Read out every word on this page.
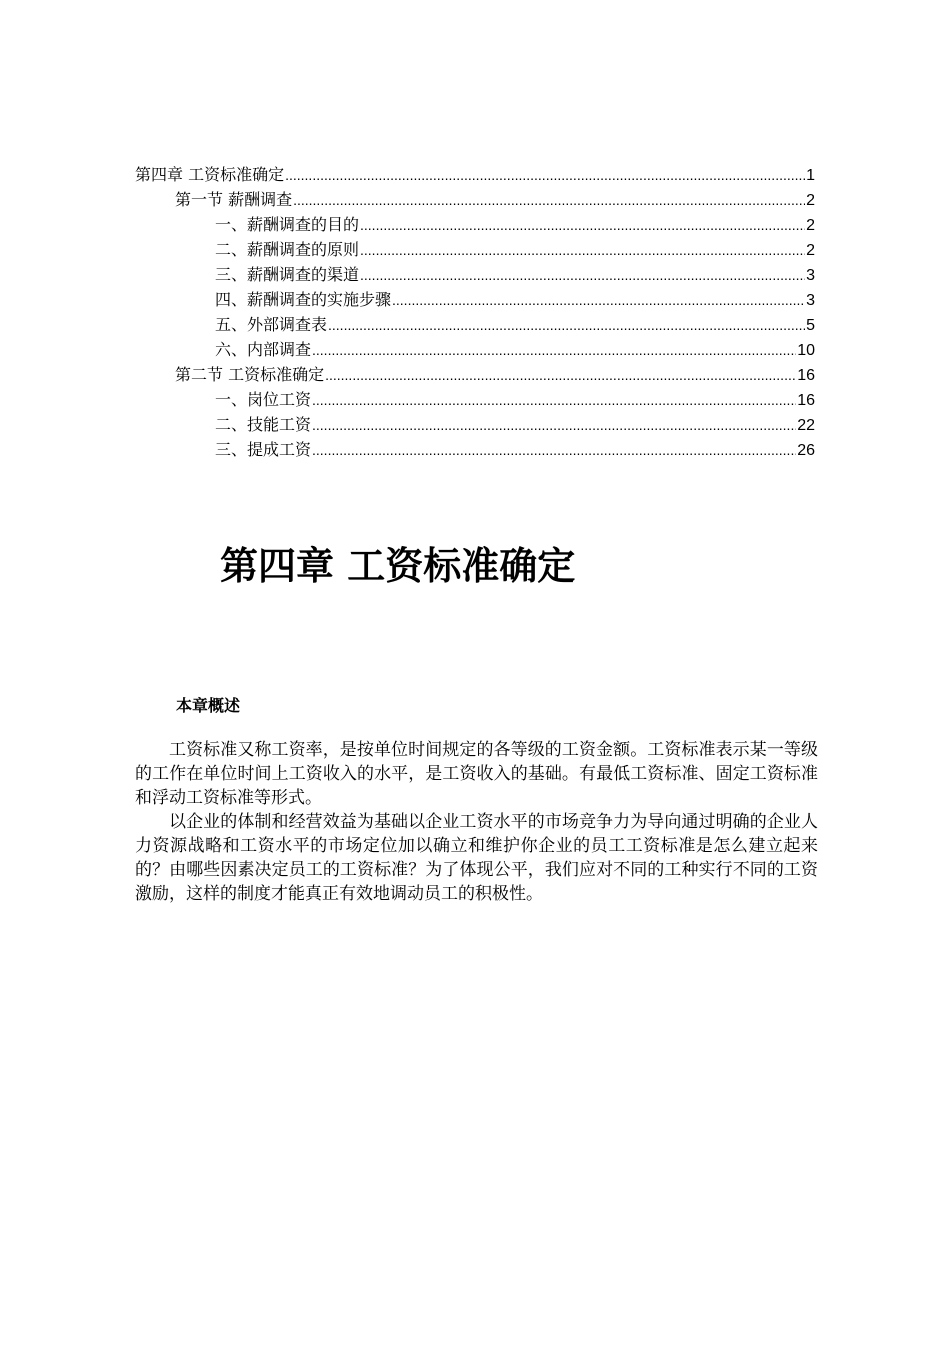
第四章 工资标准确定 .....	1
第一节 薪酬调查 .....	2
一、薪酬调查的目的 .....	2
二、薪酬调查的原则 .....	2
三、薪酬调查的渠道 .....	3
四、薪酬调查的实施步骤 .....	3
五、外部调查表 .....	5
六、内部调查 .....	10
第二节 工资标准确定 .....	16
一、岗位工资 .....	16
二、技能工资 .....	22
三、提成工资 .....	26
第四章 工资标准确定
本章概述

工资标准又称工资率，是按单位时间规定的各等级的工资金额。工资标准表示某一等级的工作在单位时间上工资收入的水平，是工资收入的基础。有最低工资标准、固定工资标准和浮动工资标准等形式。

以企业的体制和经营效益为基础以企业工资水平的市场竞争力为导向通过明确的企业人力资源战略和工资水平的市场定位加以确立和维护你企业的员工工资标准是怎么建立起来的？由哪些因素决定员工的工资标准？为了体现公平，我们应对不同的工种实行不同的工资激励，这样的制度才能真正有效地调动员工的积极性。
